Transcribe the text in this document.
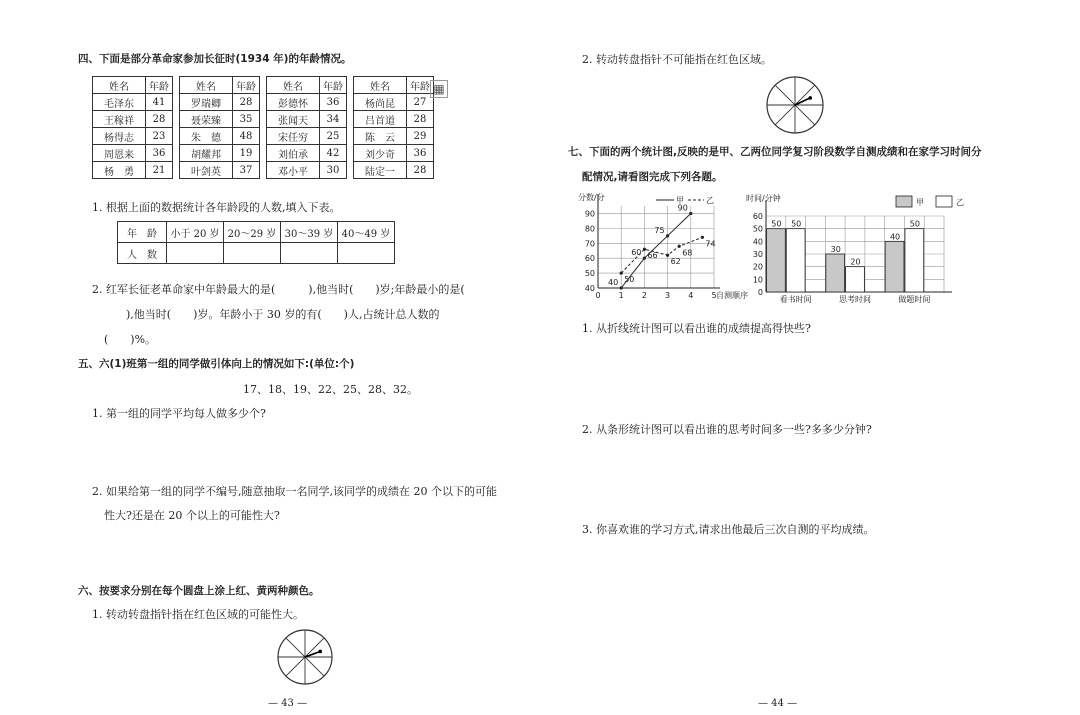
四、下面是部分革命家参加长征时(1934 年)的年龄情况。
姓名	年龄		姓名	年龄		姓名	年龄		姓名	年龄
毛泽东	41		罗瑞卿	28		彭德怀	36		杨尚昆	27
王稼祥	28		聂荣臻	35		张闻天	34		吕首道	28
杨得志	23		朱　德	48		宋任穷	25		陈　云	29
周恩来	36		胡耀邦	19		刘伯承	42		刘少奇	36
杨　勇	21		叶剑英	37		邓小平	30		陆定一	28
▦
1. 根据上面的数据统计各年龄段的人数,填入下表。
年　龄	小于 20 岁	20～29 岁	30～39 岁	40～49 岁
人　数				
2. 红军长征老革命家中年龄最大的是(　　　),他当时(　　)岁;年龄最小的是(
　　),他当时(　　)岁。年龄小于 30 岁的有(　　)人,占统计总人数的
(　　)%。
五、六(1)班第一组的同学做引体向上的情况如下:(单位:个)
17、18、19、22、25、28、32。
1. 第一组的同学平均每人做多少个?
2. 如果给第一组的同学不编号,随意抽取一名同学,该同学的成绩在 20 个以下的可能
性大?还是在 20 个以上的可能性大?
六、按要求分别在每个圆盘上涂上红、黄两种颜色。
1. 转动转盘指针指在红色区域的可能性大。
— 43 —
2. 转动转盘指针不可能指在红色区域。
七、下面的两个统计图,反映的是甲、乙两位同学复习阶段数学自测成绩和在家学习时间分
配情况,请看图完成下列各题。
40
50
60
70
80
90
0 1 2 3 4 5
分数/分
自测顺序
40
60
75
90
50
66
62
68
74
甲	乙
0
10
20
30
40
50
60
时间/分钟
50 50
看书时间
30
20
思考时间
40
50
做题时间
甲	乙
1. 从折线统计图可以看出谁的成绩提高得快些?
2. 从条形统计图可以看出谁的思考时间多一些?多多少分钟?
3. 你喜欢谁的学习方式,请求出他最后三次自测的平均成绩。
— 44 —
